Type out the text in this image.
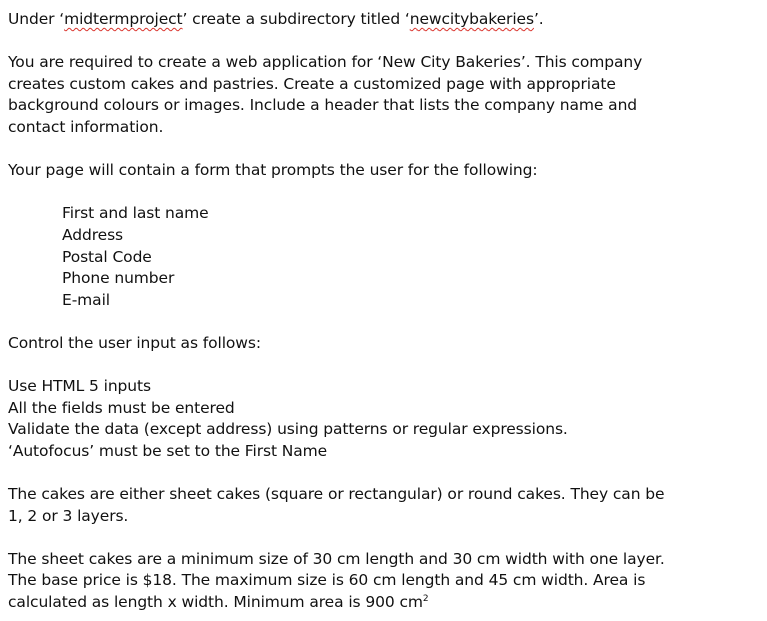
Under ‘midtermproject’ create a subdirectory titled ‘newcitybakeries’.

You are required to create a web application for ‘New City Bakeries’. This company

creates custom cakes and pastries. Create a customized page with appropriate

background colours or images. Include a header that lists the company name and

contact information.

Your page will contain a form that prompts the user for the following:

First and last name

Address

Postal Code

Phone number

E-mail

Control the user input as follows:

Use HTML 5 inputs

All the fields must be entered

Validate the data (except address) using patterns or regular expressions.

‘Autofocus’ must be set to the First Name

The cakes are either sheet cakes (square or rectangular) or round cakes. They can be

1, 2 or 3 layers.

The sheet cakes are a minimum size of 30 cm length and 30 cm width with one layer.

The base price is $18. The maximum size is 60 cm length and 45 cm width. Area is

calculated as length x width. Minimum area is 900 $cm^2$
